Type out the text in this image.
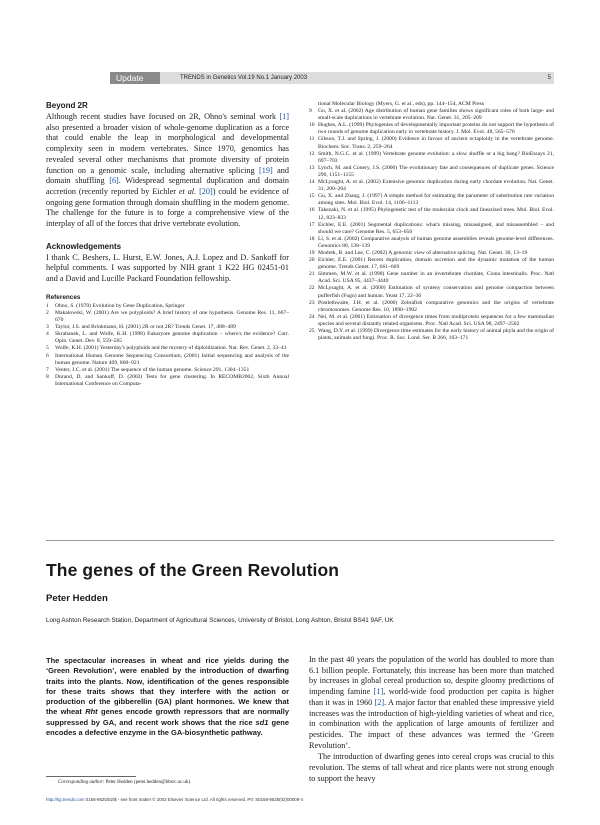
Update	TRENDS in Genetics Vol.19 No.1 January 2003	5
Beyond 2R

Although recent studies have focused on 2R, Ohno's seminal work [1] also presented a broader vision of whole-genome duplication as a force that could enable the leap in morphological and developmental complexity seen in modern vertebrates. Since 1970, genomics has revealed several other mechanisms that promote diversity of protein function on a genomic scale, including alternative splicing [19] and domain shuffling [6]. Widespread segmental duplication and domain accretion (recently reported by Eichler et al. [20]) could be evidence of ongoing gene formation through domain shuffling in the modern genome. The challenge for the future is to forge a comprehensive view of the interplay of all of the forces that drive vertebrate evolution.

Acknowledgements

I thank C. Beshers, L. Hurst, E.W. Jones, A.J. Lopez and D. Sankoff for helpful comments. I was supported by NIH grant 1 K22 HG 02451-01 and a David and Lucille Packard Foundation fellowship.

References
1	Ohno, S. (1970) Evolution by Gene Duplication, Springer
2	Makalowski, W. (2001) Are we polyploids? A brief history of one hypothesis. Genome Res. 11, 667–670
3	Taylor, J.S. and Brinkmann, H. (2001) 2R or not 2R? Trends Genet. 17, 488–489
4	Skrabanek, L. and Wolfe, K.H. (1998) Eukaryote genome duplication – where's the evidence? Curr. Opin. Genet. Dev. 8, 559–565
5	Wolfe, K.H. (2001) Yesterday's polyploids and the mystery of diploidization. Nat. Rev. Genet. 2, 33–41
6	International Human Genome Sequencing Consortium, (2001) Initial sequencing and analysis of the human genome. Nature 409, 860–921
7	Venter, J.C. et al. (2001) The sequence of the human genome. Science 291, 1304–1351
8	Durand, D. and Sankoff, D. (2002) Tests for gene clustering. In RECOMB2002, Sixth Annual International Conference on Computa-
tional Molecular Biology (Myers, G. et al., eds), pp. 144–154, ACM Press
9	Gu, X. et al. (2002) Age distribution of human gene families shows significant roles of both large- and small-scale duplications in vertebrate evolution. Nat. Genet. 31, 205–209
10 Hughes, A.L. (1999) Phylogenies of developmentally important proteins do not support the hypothesis of two rounds of genome duplication early in vertebrate history. J. Mol. Evol. 48, 565–576
11 Gibson, T.J. and Spring, J. (2000) Evidence in favour of ancient octaploidy in the vertebrate genome. Biochem. Soc. Trans. 2, 259–264
12 Smith, N.G.C. et al. (1999) Vertebrate genome evolution: a slow shuffle or a big bang? BioEssays 21, 697–703
13 Lynch, M. and Conery, J.S. (2000) The evolutionary fate and consequences of duplicate genes. Science 290, 1151–1155
14 McLysaght, A. et al. (2002) Extensive genomic duplication during early chordate evolution. Nat. Genet. 31, 200–204
15 Gu, X. and Zhang, J. (1997) A simple method for estimating the parameter of substitution rate variation among sites. Mol. Biol. Evol. 14, 1106–1113
16 Takezaki, N. et al. (1995) Phylogenetic test of the molecular clock and linearized trees. Mol. Biol. Evol. 12, 823–833
17 Eichler, E.E. (2001) Segmental duplications: what's missing, misassigned, and misassembled – and should we care? Genome Res. 5, 653–656
18 Li, S. et al. (2002) Comparative analysis of human genome assemblies reveals genome-level differences. Genomics 80, 138–139
19 Modrek, B. and Lee, C. (2002) A genomic view of alternative splicing. Nat. Genet. 30, 13–19
20 Eichler, E.E. (2001) Recent duplication, domain accretion and the dynamic mutation of the human genome. Trends Genet. 17, 661–669
21 Simmen, M.W. et al. (1998) Gene number in an invertebrate chordate, Ciona intestinalis. Proc. Natl Acad. Sci. USA 95, 4437–4440
22 McLysaght, A. et al. (2000) Estimation of synteny conservation and genome compaction between pufferfish (Fugu) and human. Yeast 17, 22–36
23 Postlethwaite, J.H. et al. (2000) Zebrafish comparative genomics and the origins of vertebrate chromosomes. Genome Res. 10, 1890–1902
24 Nei, M. et al. (2001) Estimation of divergence times from multiprotein sequences for a few mammalian species and several distantly related organisms. Proc. Natl Acad. Sci. USA 98, 2497–2502
25 Wang, D.Y. et al. (1999) Divergence time estimates for the early history of animal phyla and the origin of plants, animals and fungi. Proc. R. Soc. Lond. Ser. B 266, 163–171
The genes of the Green Revolution
Peter Hedden
Long Ashton Research Station, Department of Agricultural Sciences, University of Bristol, Long Ashton, Bristol BS41 9AF, UK
The spectacular increases in wheat and rice yields during the ‘Green Revolution’, were enabled by the introduction of dwarfing traits into the plants. Now, identification of the genes responsible for these traits shows that they interfere with the action or production of the gibberellin (GA) plant hormones. We knew that the wheat Rht genes encode growth repressors that are normally suppressed by GA, and recent work shows that the rice sd1 gene encodes a defective enzyme in the GA-biosynthetic pathway.

In the past 40 years the population of the world has doubled to more than 6.1 billion people. Fortunately, this increase has been more than matched by increases in global cereal production so, despite gloomy predictions of impending famine [1], world-wide food production per capita is higher than it was in 1960 [2]. A major factor that enabled these impressive yield increases was the introduction of high-yielding varieties of wheat and rice, in combination with the application of large amounts of fertilizer and pesticides. The impact of these advances was termed the ‘Green Revolution’.

The introduction of dwarfing genes into cereal crops was crucial to this revolution. The stems of tall wheat and rice plants were not strong enough to support the heavy

Corresponding author: Peter Hedden (peter.hedden@bbsrc.ac.uk).
http://tig.trends.com 0168-9525/02/$ - see front matter © 2002 Elsevier Science Ltd. All rights reserved. PII: S0168-9525(02)00009-4
